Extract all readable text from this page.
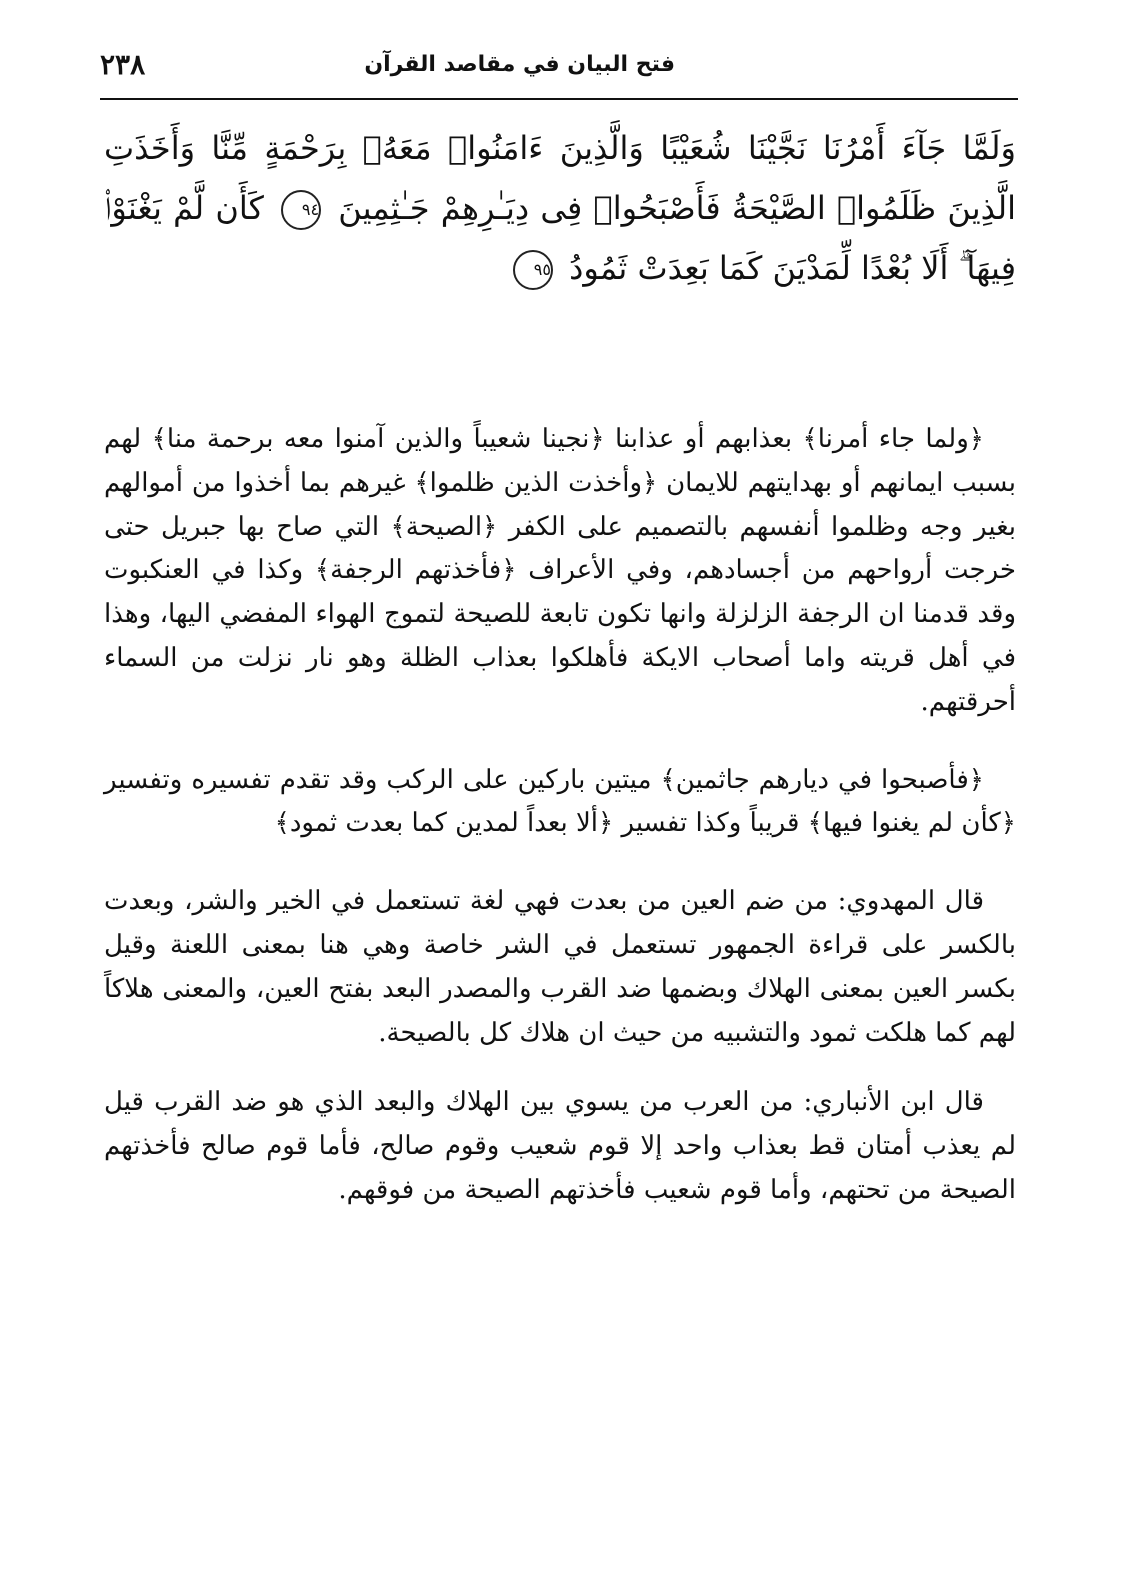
٢٣٨	فتح البيان في مقاصد القرآن
وَلَمَّا جَآءَ أَمْرُنَا نَجَّيْنَا شُعَيْبًا وَالَّذِينَ ءَامَنُوا۟ مَعَهُۥ بِرَحْمَةٍ مِّنَّا وَأَخَذَتِ الَّذِينَ ظَلَمُوا۟ الصَّيْحَةُ فَأَصْبَحُوا۟ فِى دِيَـٰرِهِمْ جَـٰثِمِينَ ٩٤ كَأَن لَّمْ يَغْنَوْا۟ فِيهَآ ۗ أَلَا بُعْدًا لِّمَدْيَنَ كَمَا بَعِدَتْ ثَمُودُ ٩٥

﴿ولما جاء أمرنا﴾ بعذابهم أو عذابنا ﴿نجينا شعيباً والذين آمنوا معه برحمة منا﴾ لهم بسبب ايمانهم أو بهدايتهم للايمان ﴿وأخذت الذين ظلموا﴾ غيرهم بما أخذوا من أموالهم بغير وجه وظلموا أنفسهم بالتصميم على الكفر ﴿الصيحة﴾ التي صاح بها جبريل حتى خرجت أرواحهم من أجسادهم، وفي الأعراف ﴿فأخذتهم الرجفة﴾ وكذا في العنكبوت وقد قدمنا ان الرجفة الزلزلة وانها تكون تابعة للصيحة لتموج الهواء المفضي اليها، وهذا في أهل قريته واما أصحاب الايكة فأهلكوا بعذاب الظلة وهو نار نزلت من السماء أحرقتهم.

﴿فأصبحوا في ديارهم جاثمين﴾ ميتين باركين على الركب وقد تقدم تفسيره وتفسير ﴿كأن لم يغنوا فيها﴾ قريباً وكذا تفسير ﴿ألا بعداً لمدين كما بعدت ثمود﴾

قال المهدوي: من ضم العين من بعدت فهي لغة تستعمل في الخير والشر، وبعدت بالكسر على قراءة الجمهور تستعمل في الشر خاصة وهي هنا بمعنى اللعنة وقيل بكسر العين بمعنى الهلاك وبضمها ضد القرب والمصدر البعد بفتح العين، والمعنى هلاكاً لهم كما هلكت ثمود والتشبيه من حيث ان هلاك كل بالصيحة.

قال ابن الأنباري: من العرب من يسوي بين الهلاك والبعد الذي هو ضد القرب قيل لم يعذب أمتان قط بعذاب واحد إلا قوم شعيب وقوم صالح، فأما قوم صالح فأخذتهم الصيحة من تحتهم، وأما قوم شعيب فأخذتهم الصيحة من فوقهم.
